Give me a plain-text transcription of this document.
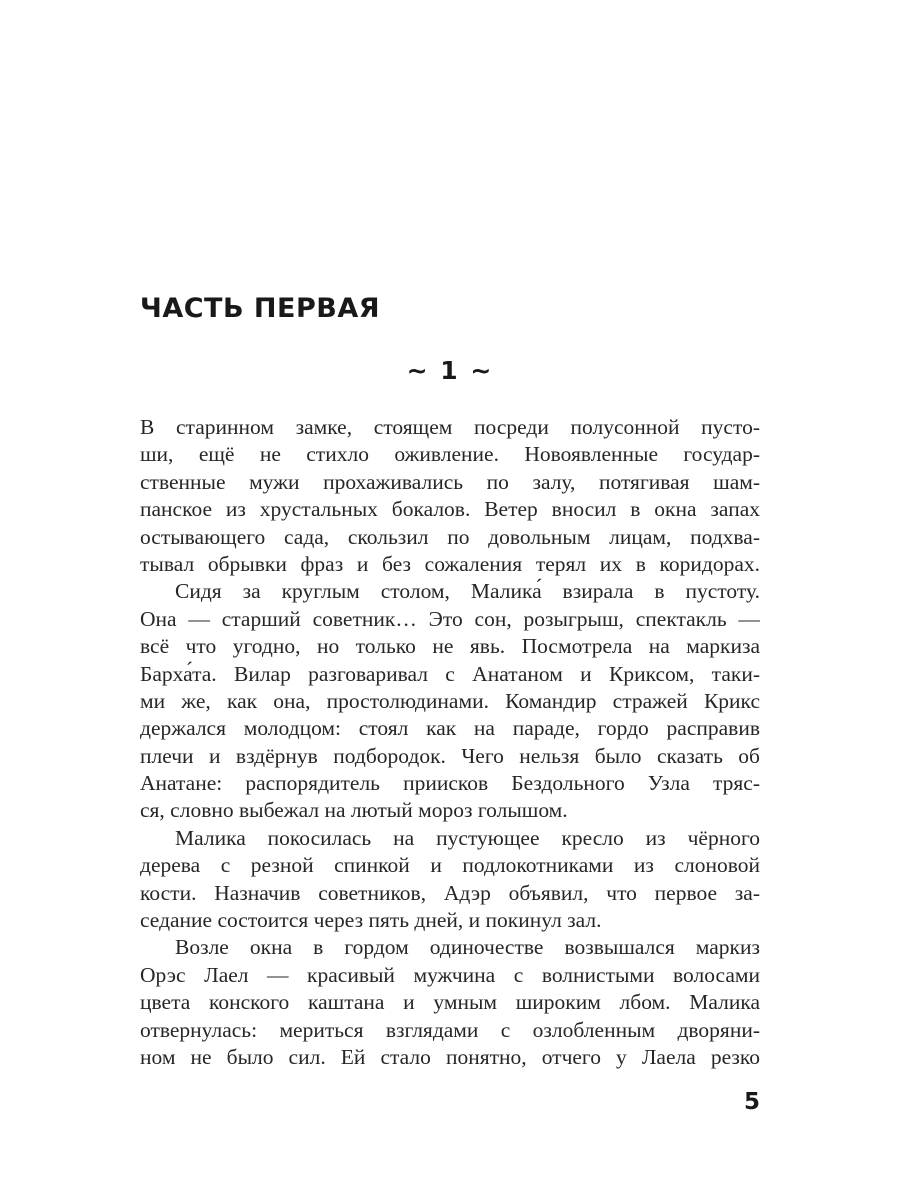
ЧАСТЬ ПЕРВАЯ
~ 1 ~
В старинном замке, стоящем посреди полусонной пусто-
ши, ещё не стихло оживление. Новоявленные государ-
ственные мужи прохаживались по залу, потягивая шам-
панское из хрустальных бокалов. Ветер вносил в окна запах
остывающего сада, скользил по довольным лицам, подхва-
тывал обрывки фраз и без сожаления терял их в коридорах.
Сидя за круглым столом, Малика́ взирала в пустоту.
Она — старший советник… Это сон, розыгрыш, спектакль —
всё что угодно, но только не явь. Посмотрела на маркиза
Барха́та. Вилар разговаривал с Анатаном и Криксом, таки-
ми же, как она, простолюдинами. Командир стражей Крикс
держался молодцом: стоял как на параде, гордо расправив
плечи и вздёрнув подбородок. Чего нельзя было сказать об
Анатане: распорядитель приисков Бездольного Узла тряс-
ся, словно выбежал на лютый мороз голышом.
Малика покосилась на пустующее кресло из чёрного
дерева с резной спинкой и подлокотниками из слоновой
кости. Назначив советников, Адэр объявил, что первое за-
седание состоится через пять дней, и покинул зал.
Возле окна в гордом одиночестве возвышался маркиз
Орэс Лаел — красивый мужчина с волнистыми волосами
цвета конского каштана и умным широким лбом. Малика
отвернулась: мериться взглядами с озлобленным дворяни-
ном не было сил. Ей стало понятно, отчего у Лаела резко
5
